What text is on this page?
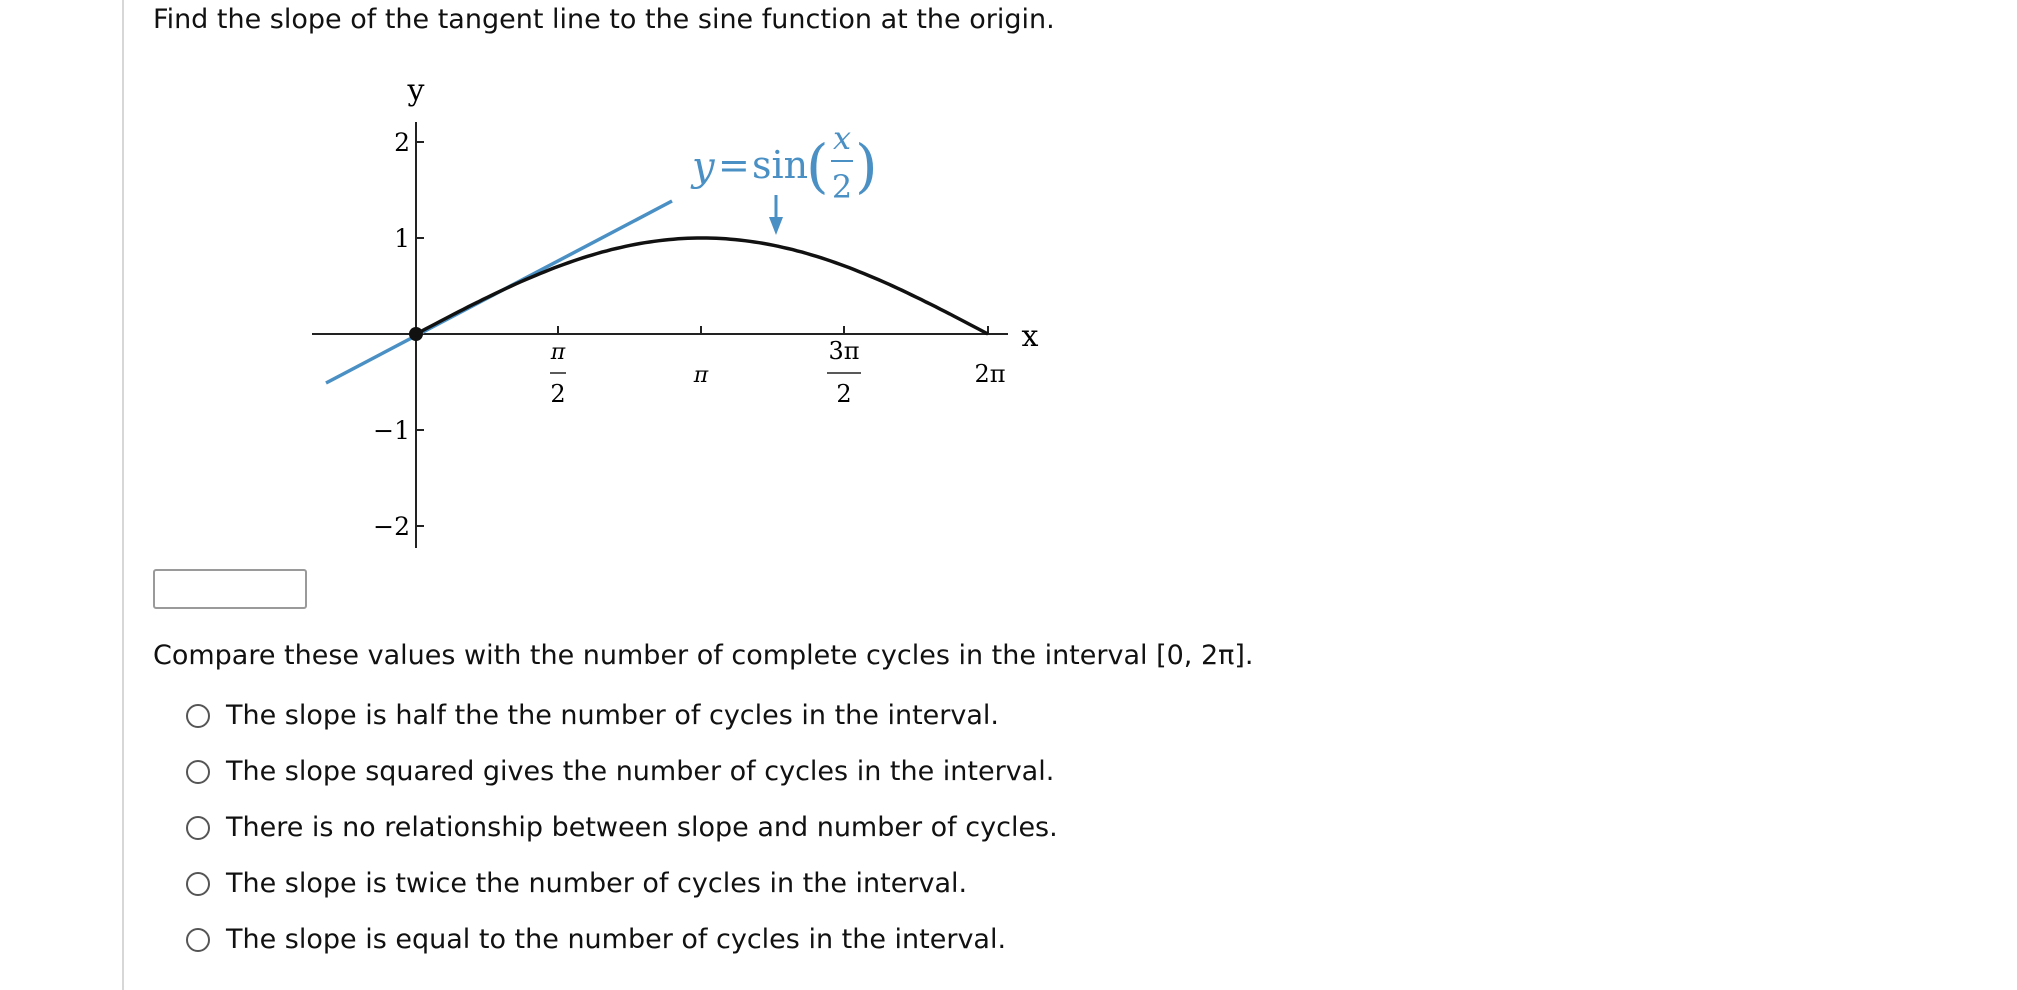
Find the slope of the tangent line to the sine function at the origin.
y
x
2
1
−1
−2
π
2
π
3π
2
2π
y = sin
( x
2 )
Compare these values with the number of complete cycles in the interval [0, 2π].
The slope is half the the number of cycles in the interval.
The slope squared gives the number of cycles in the interval.
There is no relationship between slope and number of cycles.
The slope is twice the number of cycles in the interval.
The slope is equal to the number of cycles in the interval.
